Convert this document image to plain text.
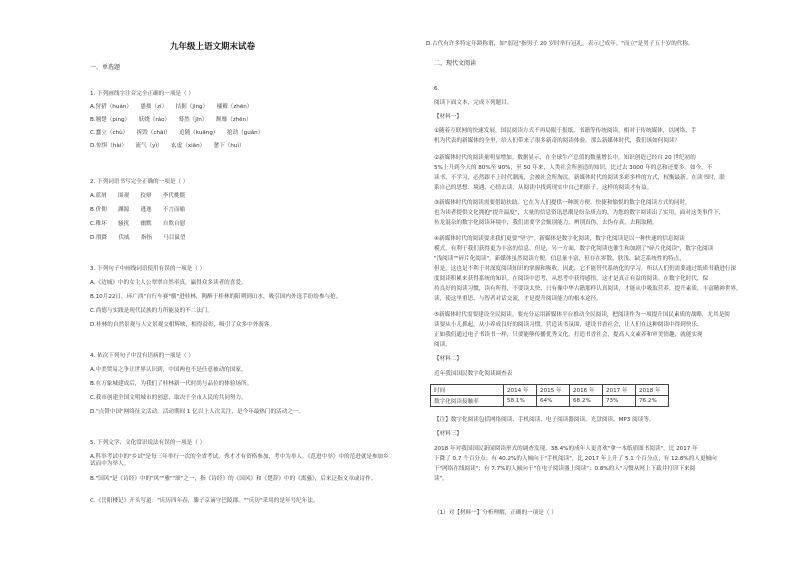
九年级上语文期末试卷
一、单选题
1. 下列画线字注音完全正确的一项是（ ）
A.狩猎（huán）　　愚拙（zì）　　拮据（jìnɡ）　　襁褓（zhēn）
B.翘楚（pínɡ）　　妖娆（ráo）　　蓦然（jīn）　　颓靡（zhēn）
C.蠢立（chù）　　拆毁（chāi）　　追随（kuānɡ）　　抢劫（ɡuǎn）
D.惊惧（hài）　　流气（yì）　　玄虚（xiān）　　惫下（huì）
2. 下列词语书写完全正确的一项是（ ）
A.蓝屑　　围观　　狡辩　　李代桃僵
B.价佣　　渊源　　逃逸　　不言而喻
C.稚坏　　骚扰　　幽默　　自欺自慰
D.殷降　　伏威　　指指　　马目鼠望
3. 下列句子中画线词语使用有误的一项是（ ）
A.《边城》中的女主人公翠翠自然率真，赢得众多读者的喜爱。
B.10月22日，环广西"自行车赛"横"进桂林，陶醉于桂林的阳朔到山水，吸引国内外选手纷纷参与抢。
C.尚德与实践是现代民族的力所能及的不二法门。
D.桂林的自然景观与人文景观交相辉映，相得益彰，吸引了众多中外游客。
4. 依次下列句子中没有语病的一项是（ ）
A.中美贸易之争让世界认识到，中国两也不是任意被动的国家。
B.在万象城建成后，为我们了桂林新一代时尚与品位的体验场所。
C.我市创建全国文明城市的创意，取决于全市人民的共同努力。
D."点赞中国"网络征文活动，活动期间 1 亿以上人次关注，是今年最热门的活动之一。
5. 下列文学、文化常识说法有误的一项是（ ）
A.科举考试中的"乡试"是每三年举行一次的全省考试，秀才才有资格参加，考中为举人。《范进中举》中的范进就是参加乡试而中为举人。
B."国风"是《诗经》中的"风""雅""颂"之一，指《诗经》的《国风》和《楚辞》中的《离骚》，后来泛指文章或诗作。
C.《岳阳楼记》开头写道："庆历四年春，滕子京谪守巴陵郡。""庆历"采用的是年号纪年法。
D.古代有许多特定年龄称谓，如"弱冠"指男子 20 岁时举行冠礼，表示已成年。"而立"是男子五十岁的代称。
二、现代文阅读
6.
阅读下面文本，完成下列题目。
【材料一】
①随着互联网的快速发展，国民阅读方式不再局限于报纸、书籍等传统阅读。相对于传统媒体，以网络、手
机为代表的新媒体的全里，给人们带来了很多新奇的阅读体验，那么新媒体时代，我们该如何阅读？
②新媒体时代的阅读量明显增加。数据显示，在全球生产总值的数量增长中，知识创造已经自 20 世纪初的
5%上升到今天的 80%至 90%，至 50 年来，人类社会所创造的知识，比过去 3000 年的总和还要多。如今，不
读书、不学习，必然跟不上时代潮流，会被社会所淘汰。新媒体时代的阅读多彩多样的方式，权衡最新。在读书时，联
系自己的思想、境遇、心情去读，从阅读中找到现实中自己的影子，这样的阅读才有益。
③新媒体时代的阅读需要借助扶助。它在为人们提供一种既方便、快捷和愉悦的数字化阅读方式的同时，
也为读者提供文化拥抱"提升温度"，大量的信息资讯思潮是纷杂质点的，为您的数字阅读出了实用，面对这类事件下，
鱼龙混杂的数字化阅读环境中，我们需要学会甄别能力，辨别真伪，去伪存真，去粗取精。
④新媒体时代的阅读要求我们更要"坚守"。新媒体是数字化阅读，数字化阅读是以一种快速的信息阅读
模式，有利于我们获得更为丰富的信息。但是，另一方面，数字化阅读也催生和加剧了"碎片化阅读"，数字化阅读
"浅阅读""碎片化阅读"。新媒体虽然阅读方便，信息量丰富，但存在零散、肤浅、缺乏系统性的特点，
但是，这也是不利于对深度阅读知识的掌握和吸收。因此，它不能替代系统化的学习，所以人们仍需要通过纸质书籍进行深
度阅读积累来获得系统的知识。在阅读中思考，从思考中获得感悟，这才是真正有益的阅读。在数字化时代，保
持良好的阅读习惯，读有所得，不要读太快，只有像中华古籍那样认真阅读，才能从中吸取营养，提升素质，丰富精神世界，
读，使这里重思、与智者对话交流，才是提升阅读能力的根本途径。
⑤新媒体时代需要建设全民阅读。要充分运用新媒体平台推动全民阅读，把阅读作为一项提升国民素质的战略，尤其是阅
读要从小儿抓起，从小养成良好的阅读习惯，营造读书氛围，建设书香社会，让人们在这种阅读中得到快乐。
正如我们通过电子书读书一样，只要能够传播优秀文化，打造书香社会，提高人文素养和审美情趣，就能实现
阅读。
【材料二】
近年我国国民数字化阅读调查表
时间	2014 年	2015 年	2016 年	2017 年	2018 年
数字化阅读接触率	58.1%	64%	68.2%	73%	76.2%
【注】数字化阅读包括网络阅读、手机阅读、电子阅读器阅读、光盘阅读、MP3 阅读等。
【材料三】
2018 年对我国国民新闻阅读形式的调查发现，38.4%的成年人更喜欢"拿一本纸质图书阅读"，比 2017 年
下降了 0.7 个百分点；有 40.2%的人倾向于"手机阅读"，比 2017 年上升了 5.1 个百分点；有 12.8%的人更倾向
于"网络在线阅读"；有 7.7%的人倾向于"在电子阅读器上阅读"；0.8%的人"习惯从网上下载并打印下来阅
读"。
（1）对【材料一】分析理解，正确的一项是（ ）
